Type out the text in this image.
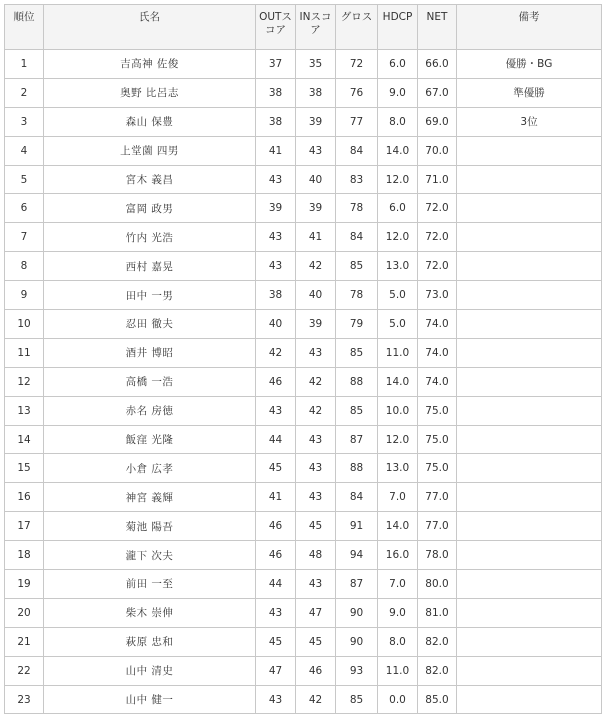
順位	氏名	OUTスコア	INスコア	グロス	HDCP	NET	備考
1	吉高神 佐俊	37	35	72	6.0	66.0	優勝・BG
2	奥野 比呂志	38	38	76	9.0	67.0	準優勝
3	森山 保豊	38	39	77	8.0	69.0	3位
4	上堂薗 四男	41	43	84	14.0	70.0	
5	宮木 義昌	43	40	83	12.0	71.0	
6	富岡 政男	39	39	78	6.0	72.0	
7	竹内 光浩	43	41	84	12.0	72.0	
8	西村 嘉晃	43	42	85	13.0	72.0	
9	田中 一男	38	40	78	5.0	73.0	
10	忍田 徹夫	40	39	79	5.0	74.0	
11	酒井 博昭	42	43	85	11.0	74.0	
12	高橋 一浩	46	42	88	14.0	74.0	
13	赤名 房徳	43	42	85	10.0	75.0	
14	飯窪 光隆	44	43	87	12.0	75.0	
15	小倉 広孝	45	43	88	13.0	75.0	
16	神宮 義輝	41	43	84	7.0	77.0	
17	菊池 陽吾	46	45	91	14.0	77.0	
18	瀧下 次夫	46	48	94	16.0	78.0	
19	前田 一至	44	43	87	7.0	80.0	
20	柴木 崇伸	43	47	90	9.0	81.0	
21	萩原 忠和	45	45	90	8.0	82.0	
22	山中 清史	47	46	93	11.0	82.0	
23	山中 健一	43	42	85	0.0	85.0	
